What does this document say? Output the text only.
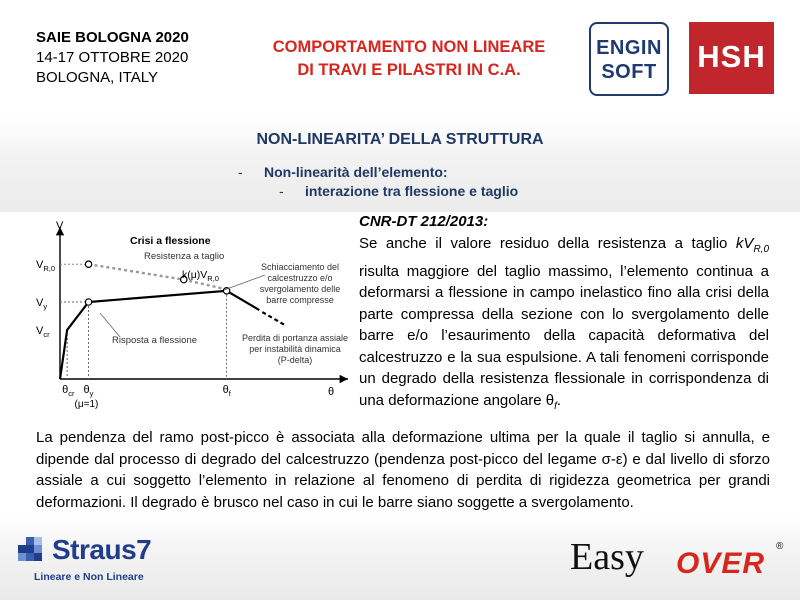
SAIE BOLOGNA 2020
14-17 OTTOBRE 2020
BOLOGNA, ITALY
COMPORTAMENTO NON LINEARE
DI TRAVI E PILASTRI IN C.A.
ENGIN
SOFT	HSH
NON-LINEARITA’ DELLA STRUTTURA
- Non-linearità dell’elemento:
- interazione tra flessione e taglio
V
θ
Crisi a flessione
$V_{R,0}$
$V_y$
$V_{cr}$
$\theta_{cr}$ $\theta_y$	$\theta_f$
(μ=1)
$k(\mu)V_{R,0}$
Resistenza a taglio
Risposta a flessione
Schiacciamento del
calcestruzzo e/o
svergolamento delle
barre compresse
Perdita di portanza assiale
per instabilità dinamica
(P-delta)
CNR-DT 212/2013:
Se anche il valore residuo della resistenza a taglio $kV_{R,0}$ risulta maggiore del taglio massimo, l’elemento continua a deformarsi a flessione in campo inelastico fino alla crisi della parte compressa della sezione con lo svergolamento delle barre e/o l’esaurimento della capacità deformativa del calcestruzzo e la sua espulsione. A tali fenomeni corrisponde un degrado della resistenza flessionale in corrispondenza di una deformazione angolare $\theta_f$.
La pendenza del ramo post-picco è associata alla deformazione ultima per la quale il taglio si annulla, e dipende dal processo di degrado del calcestruzzo (pendenza post-picco del legame σ-ε) e dal livello di sforzo assiale a cui soggetto l’elemento in relazione al fenomeno di perdita di rigidezza geometrica per grandi deformazioni. Il degrado è brusco nel caso in cui le barre siano soggette a svergolamento.
Straus7
Lineare e Non Lineare	Easy OVER
®
